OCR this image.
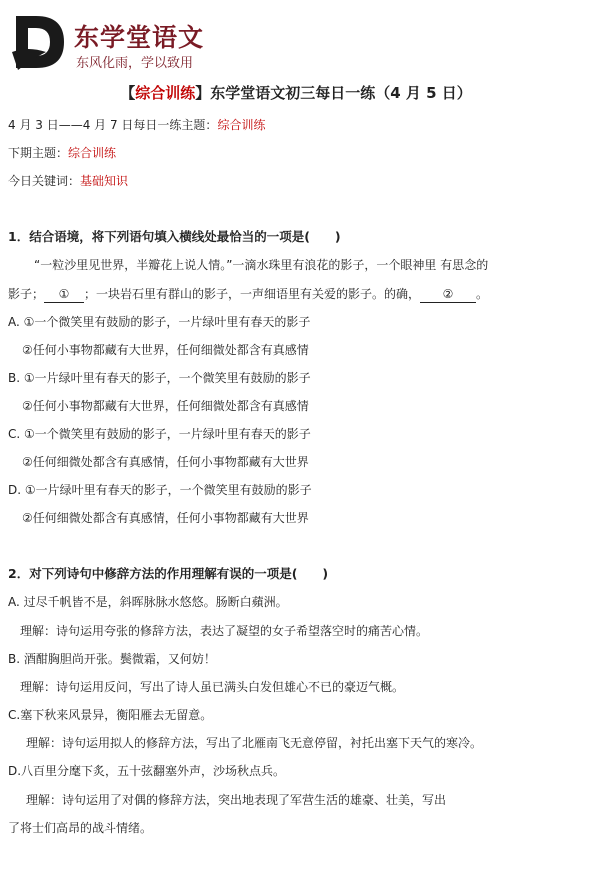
东学堂语文
东风化雨，学以致用
【综合训练】东学堂语文初三每日一练（4 月 5 日）
4 月 3 日——4 月 7 日每日一练主题：综合训练
下期主题：综合训练
今日关键词：基础知识
1．结合语境，将下列语句填入横线处最恰当的一项是(　　)
“一粒沙里见世界，半瓣花上说人情。”一滴水珠里有浪花的影子，一个眼神里 有思念的
影子； ① ；一块岩石里有群山的影子，一声细语里有关爱的影子。的确， ② 。
A. ①一个微笑里有鼓励的影子，一片绿叶里有春天的影子
②任何小事物都藏有大世界，任何细微处都含有真感情
B. ①一片绿叶里有春天的影子，一个微笑里有鼓励的影子
②任何小事物都藏有大世界，任何细微处都含有真感情
C. ①一个微笑里有鼓励的影子，一片绿叶里有春天的影子
②任何细微处都含有真感情，任何小事物都藏有大世界
D. ①一片绿叶里有春天的影子，一个微笑里有鼓励的影子
②任何细微处都含有真感情，任何小事物都藏有大世界
2．对下列诗句中修辞方法的作用理解有误的一项是(　　)
A. 过尽千帆皆不是，斜晖脉脉水悠悠。肠断白蘋洲。
理解：诗句运用夸张的修辞方法，表达了凝望的女子希望落空时的痛苦心情。
B. 酒酣胸胆尚开张。鬓微霜，又何妨！
理解：诗句运用反问，写出了诗人虽已满头白发但雄心不已的豪迈气概。
C.塞下秋来风景异，衡阳雁去无留意。
理解：诗句运用拟人的修辞方法，写出了北雁南飞无意停留，衬托出塞下天气的寒冷。
D.八百里分麾下炙，五十弦翻塞外声，沙场秋点兵。
理解：诗句运用了对偶的修辞方法，突出地表现了军营生活的雄豪、壮美，写出
了将士们高昂的战斗情绪。
